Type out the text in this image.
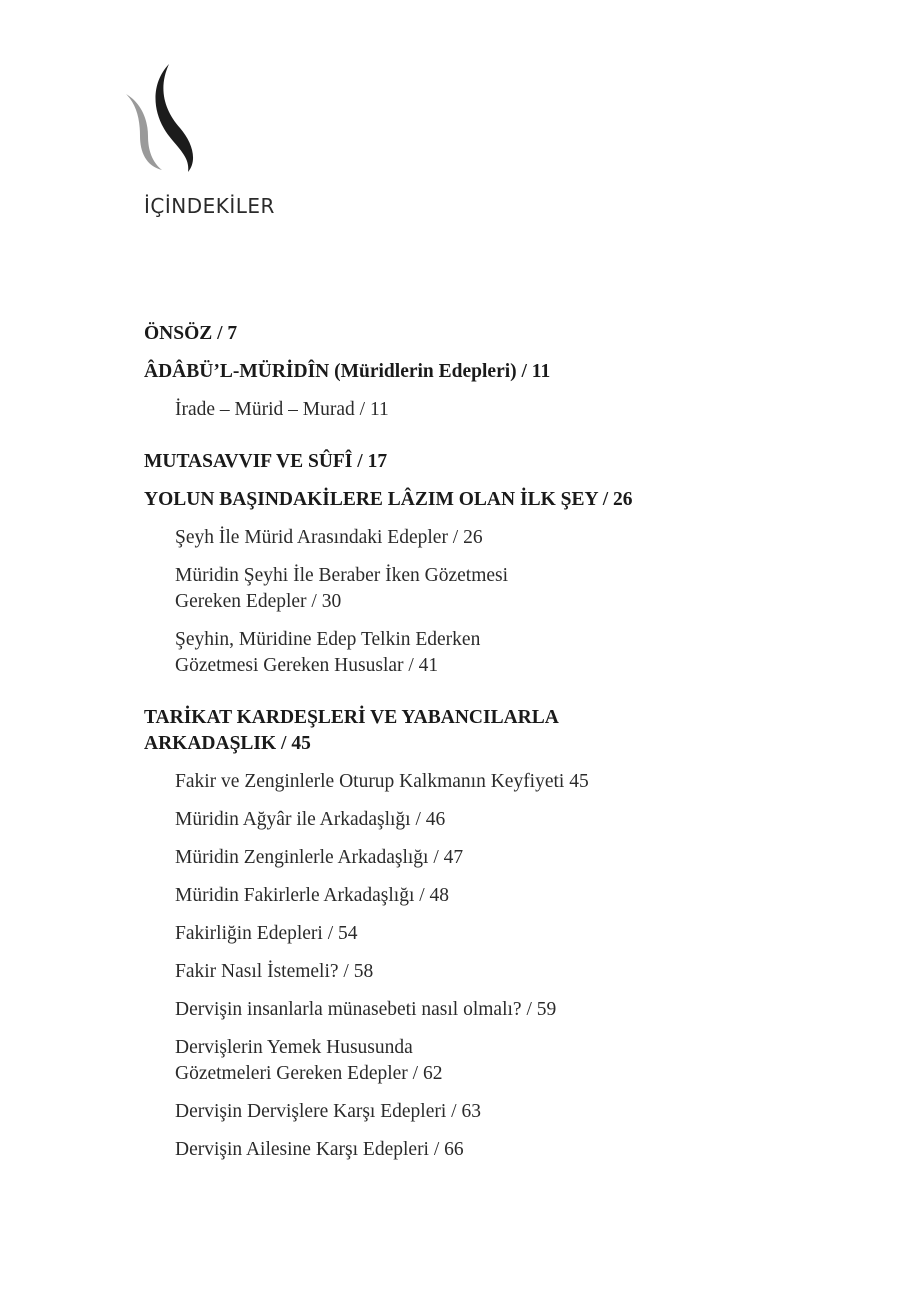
İÇİNDEKİLER
ÖNSÖZ / 7
ÂDÂBÜ’L-MÜRİDÎN (Müridlerin Edepleri) / 11
İrade – Mürid – Murad / 11
MUTASAVVIF VE SÛFÎ / 17
YOLUN BAŞINDAKİLERE LÂZIM OLAN İLK ŞEY / 26
Şeyh İle Mürid Arasındaki Edepler / 26
Müridin Şeyhi İle Beraber İken Gözetmesi
Gereken Edepler / 30
Şeyhin, Müridine Edep Telkin Ederken
Gözetmesi Gereken Hususlar / 41
TARİKAT KARDEŞLERİ VE YABANCILARLA
ARKADAŞLIK / 45
Fakir ve Zenginlerle Oturup Kalkmanın Keyfiyeti 45
Müridin Ağyâr ile Arkadaşlığı / 46
Müridin Zenginlerle Arkadaşlığı / 47
Müridin Fakirlerle Arkadaşlığı / 48
Fakirliğin Edepleri / 54
Fakir Nasıl İstemeli? / 58
Dervişin insanlarla münasebeti nasıl olmalı? / 59
Dervişlerin Yemek Hususunda
Gözetmeleri Gereken Edepler / 62
Dervişin Dervişlere Karşı Edepleri / 63
Dervişin Ailesine Karşı Edepleri / 66
